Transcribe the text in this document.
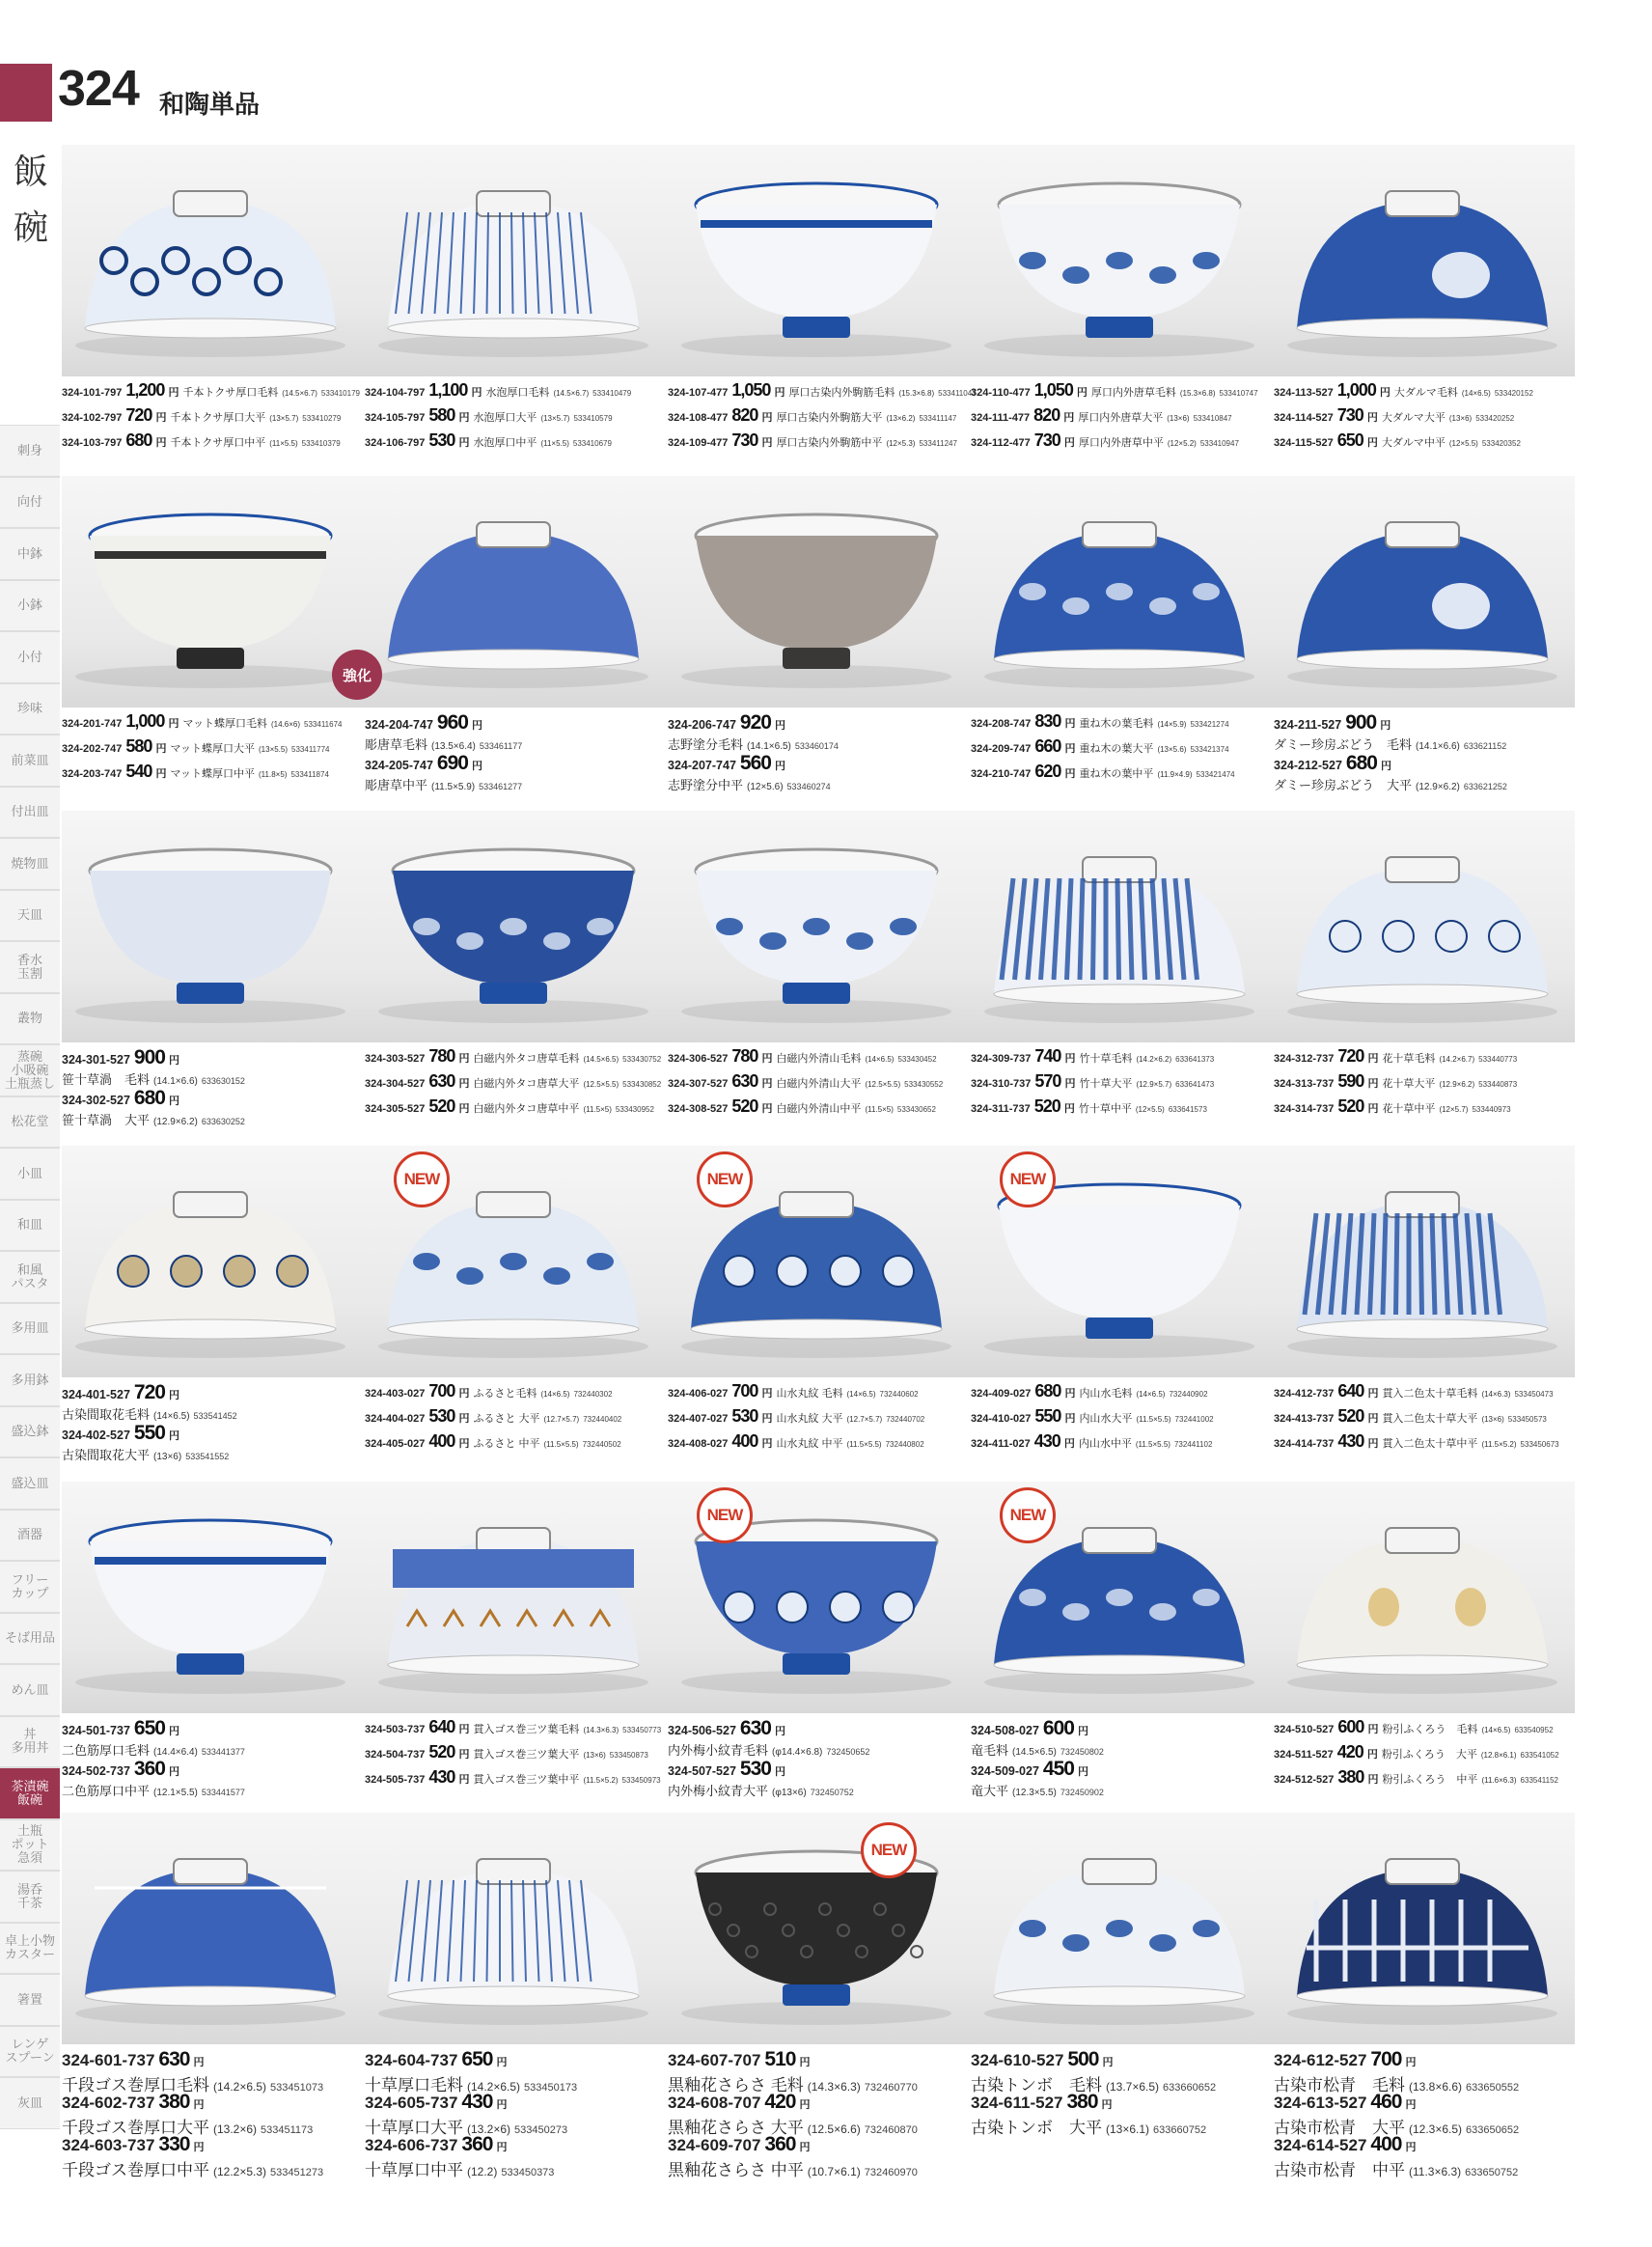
324 和陶単品
飯
碗
刺身
向付
中鉢
小鉢
小付
珍味
前菜皿
付出皿
焼物皿
天皿
香水
玉割
叢物
蒸碗
小吸碗
土瓶蒸し
松花堂
小皿
和皿
和風
パスタ
多用皿
多用鉢
盛込鉢
盛込皿
酒器
フリー
カップ
そば用品
めん皿
丼
多用丼
茶漬碗
飯碗
土瓶
ポット
急須
湯呑
千茶
卓上小物
カスター
箸置
レンゲ
スプーン
灰皿
324-101-797 1,200 円 千本トクサ厚口毛料 (14.5×6.7) 533410179
324-102-797 720 円 千本トクサ厚口大平 (13×5.7) 533410279
324-103-797 680 円 千本トクサ厚口中平 (11×5.5) 533410379
324-104-797 1,100 円 水泡厚口毛料 (14.5×6.7) 533410479
324-105-797 580 円 水泡厚口大平 (13×5.7) 533410579
324-106-797 530 円 水泡厚口中平 (11×5.5) 533410679
324-107-477 1,050 円 厚口古染内外駒筋毛料 (15.3×6.8) 533411047
324-108-477 820 円 厚口古染内外駒筋大平 (13×6.2) 533411147
324-109-477 730 円 厚口古染内外駒筋中平 (12×5.3) 533411247
324-110-477 1,050 円 厚口内外唐草毛料 (15.3×6.8) 533410747
324-111-477 820 円 厚口内外唐草大平 (13×6) 533410847
324-112-477 730 円 厚口内外唐草中平 (12×5.2) 533410947
324-113-527 1,000 円 大ダルマ毛料 (14×6.5) 533420152
324-114-527 730 円 大ダルマ大平 (13×6) 533420252
324-115-527 650 円 大ダルマ中平 (12×5.5) 533420352
強化
324-201-747 1,000 円 マット蝶厚口毛料 (14.6×6) 533411674
324-202-747 580 円 マット蝶厚口大平 (13×5.5) 533411774
324-203-747 540 円 マット蝶厚口中平 (11.8×5) 533411874
324-204-747 960 円
彫唐草毛料 (13.5×6.4) 533461177
324-205-747 690 円
彫唐草中平 (11.5×5.9) 533461277
324-206-747 920 円
志野塗分毛料 (14.1×6.5) 533460174
324-207-747 560 円
志野塗分中平 (12×5.6) 533460274
324-208-747 830 円 重ね木の葉毛料 (14×5.9) 533421274
324-209-747 660 円 重ね木の葉大平 (13×5.6) 533421374
324-210-747 620 円 重ね木の葉中平 (11.9×4.9) 533421474
324-211-527 900 円
ダミー珍房ぶどう　毛料 (14.1×6.6) 633621152
324-212-527 680 円
ダミー珍房ぶどう　大平 (12.9×6.2) 633621252
324-301-527 900 円
笹十草渦　毛料 (14.1×6.6) 633630152
324-302-527 680 円
笹十草渦　大平 (12.9×6.2) 633630252
324-303-527 780 円 白磁内外タコ唐草毛料 (14.5×6.5) 533430752
324-304-527 630 円 白磁内外タコ唐草大平 (12.5×5.5) 533430852
324-305-527 520 円 白磁内外タコ唐草中平 (11.5×5) 533430952
324-306-527 780 円 白磁内外清山毛料 (14×6.5) 533430452
324-307-527 630 円 白磁内外清山大平 (12.5×5.5) 533430552
324-308-527 520 円 白磁内外清山中平 (11.5×5) 533430652
324-309-737 740 円 竹十草毛料 (14.2×6.2) 633641373
324-310-737 570 円 竹十草大平 (12.9×5.7) 633641473
324-311-737 520 円 竹十草中平 (12×5.5) 633641573
324-312-737 720 円 花十草毛料 (14.2×6.7) 533440773
324-313-737 590 円 花十草大平 (12.9×6.2) 533440873
324-314-737 520 円 花十草中平 (12×5.7) 533440973
NEW	NEW	NEW
324-401-527 720 円
古染間取花毛料 (14×6.5) 533541452
324-402-527 550 円
古染間取花大平 (13×6) 533541552
324-403-027 700 円 ふるさと毛料 (14×6.5) 732440302
324-404-027 530 円 ふるさと 大平 (12.7×5.7) 732440402
324-405-027 400 円 ふるさと 中平 (11.5×5.5) 732440502
324-406-027 700 円 山水丸紋 毛料 (14×6.5) 732440602
324-407-027 530 円 山水丸紋 大平 (12.7×5.7) 732440702
324-408-027 400 円 山水丸紋 中平 (11.5×5.5) 732440802
324-409-027 680 円 内山水毛料 (14×6.5) 732440902
324-410-027 550 円 内山水大平 (11.5×5.5) 732441002
324-411-027 430 円 内山水中平 (11.5×5.5) 732441102
324-412-737 640 円 貫入二色太十草毛料 (14×6.3) 533450473
324-413-737 520 円 貫入二色太十草大平 (13×6) 533450573
324-414-737 430 円 貫入二色太十草中平 (11.5×5.2) 533450673
NEW	NEW
324-501-737 650 円
二色筋厚口毛料 (14.4×6.4) 533441377
324-502-737 360 円
二色筋厚口中平 (12.1×5.5) 533441577
324-503-737 640 円 貫入ゴス巻三ツ葉毛料 (14.3×6.3) 533450773
324-504-737 520 円 貫入ゴス巻三ツ葉大平 (13×6) 533450873
324-505-737 430 円 貫入ゴス巻三ツ葉中平 (11.5×5.2) 533450973
324-506-527 630 円
内外梅小紋青毛料 (φ14.4×6.8) 732450652
324-507-527 530 円
内外梅小紋青大平 (φ13×6) 732450752
324-508-027 600 円
竜毛料 (14.5×6.5) 732450802
324-509-027 450 円
竜大平 (12.3×5.5) 732450902
324-510-527 600 円 粉引ふくろう　毛料 (14×6.5) 633540952
324-511-527 420 円 粉引ふくろう　大平 (12.8×6.1) 633541052
324-512-527 380 円 粉引ふくろう　中平 (11.6×6.3) 633541152
NEW
324-601-737 630 円
千段ゴス巻厚口毛料 (14.2×6.5) 533451073
324-602-737 380 円
千段ゴス巻厚口大平 (13.2×6) 533451173
324-603-737 330 円
千段ゴス巻厚口中平 (12.2×5.3) 533451273
324-604-737 650 円
十草厚口毛料 (14.2×6.5) 533450173
324-605-737 430 円
十草厚口大平 (13.2×6) 533450273
324-606-737 360 円
十草厚口中平 (12.2) 533450373
324-607-707 510 円
黒釉花さらさ 毛料 (14.3×6.3) 732460770
324-608-707 420 円
黒釉花さらさ 大平 (12.5×6.6) 732460870
324-609-707 360 円
黒釉花さらさ 中平 (10.7×6.1) 732460970
324-610-527 500 円
古染トンボ　毛料 (13.7×6.5) 633660652
324-611-527 380 円
古染トンボ　大平 (13×6.1) 633660752
324-612-527 700 円
古染市松青　毛料 (13.8×6.6) 633650552
324-613-527 460 円
古染市松青　大平 (12.3×6.5) 633650652
324-614-527 400 円
古染市松青　中平 (11.3×6.3) 633650752
